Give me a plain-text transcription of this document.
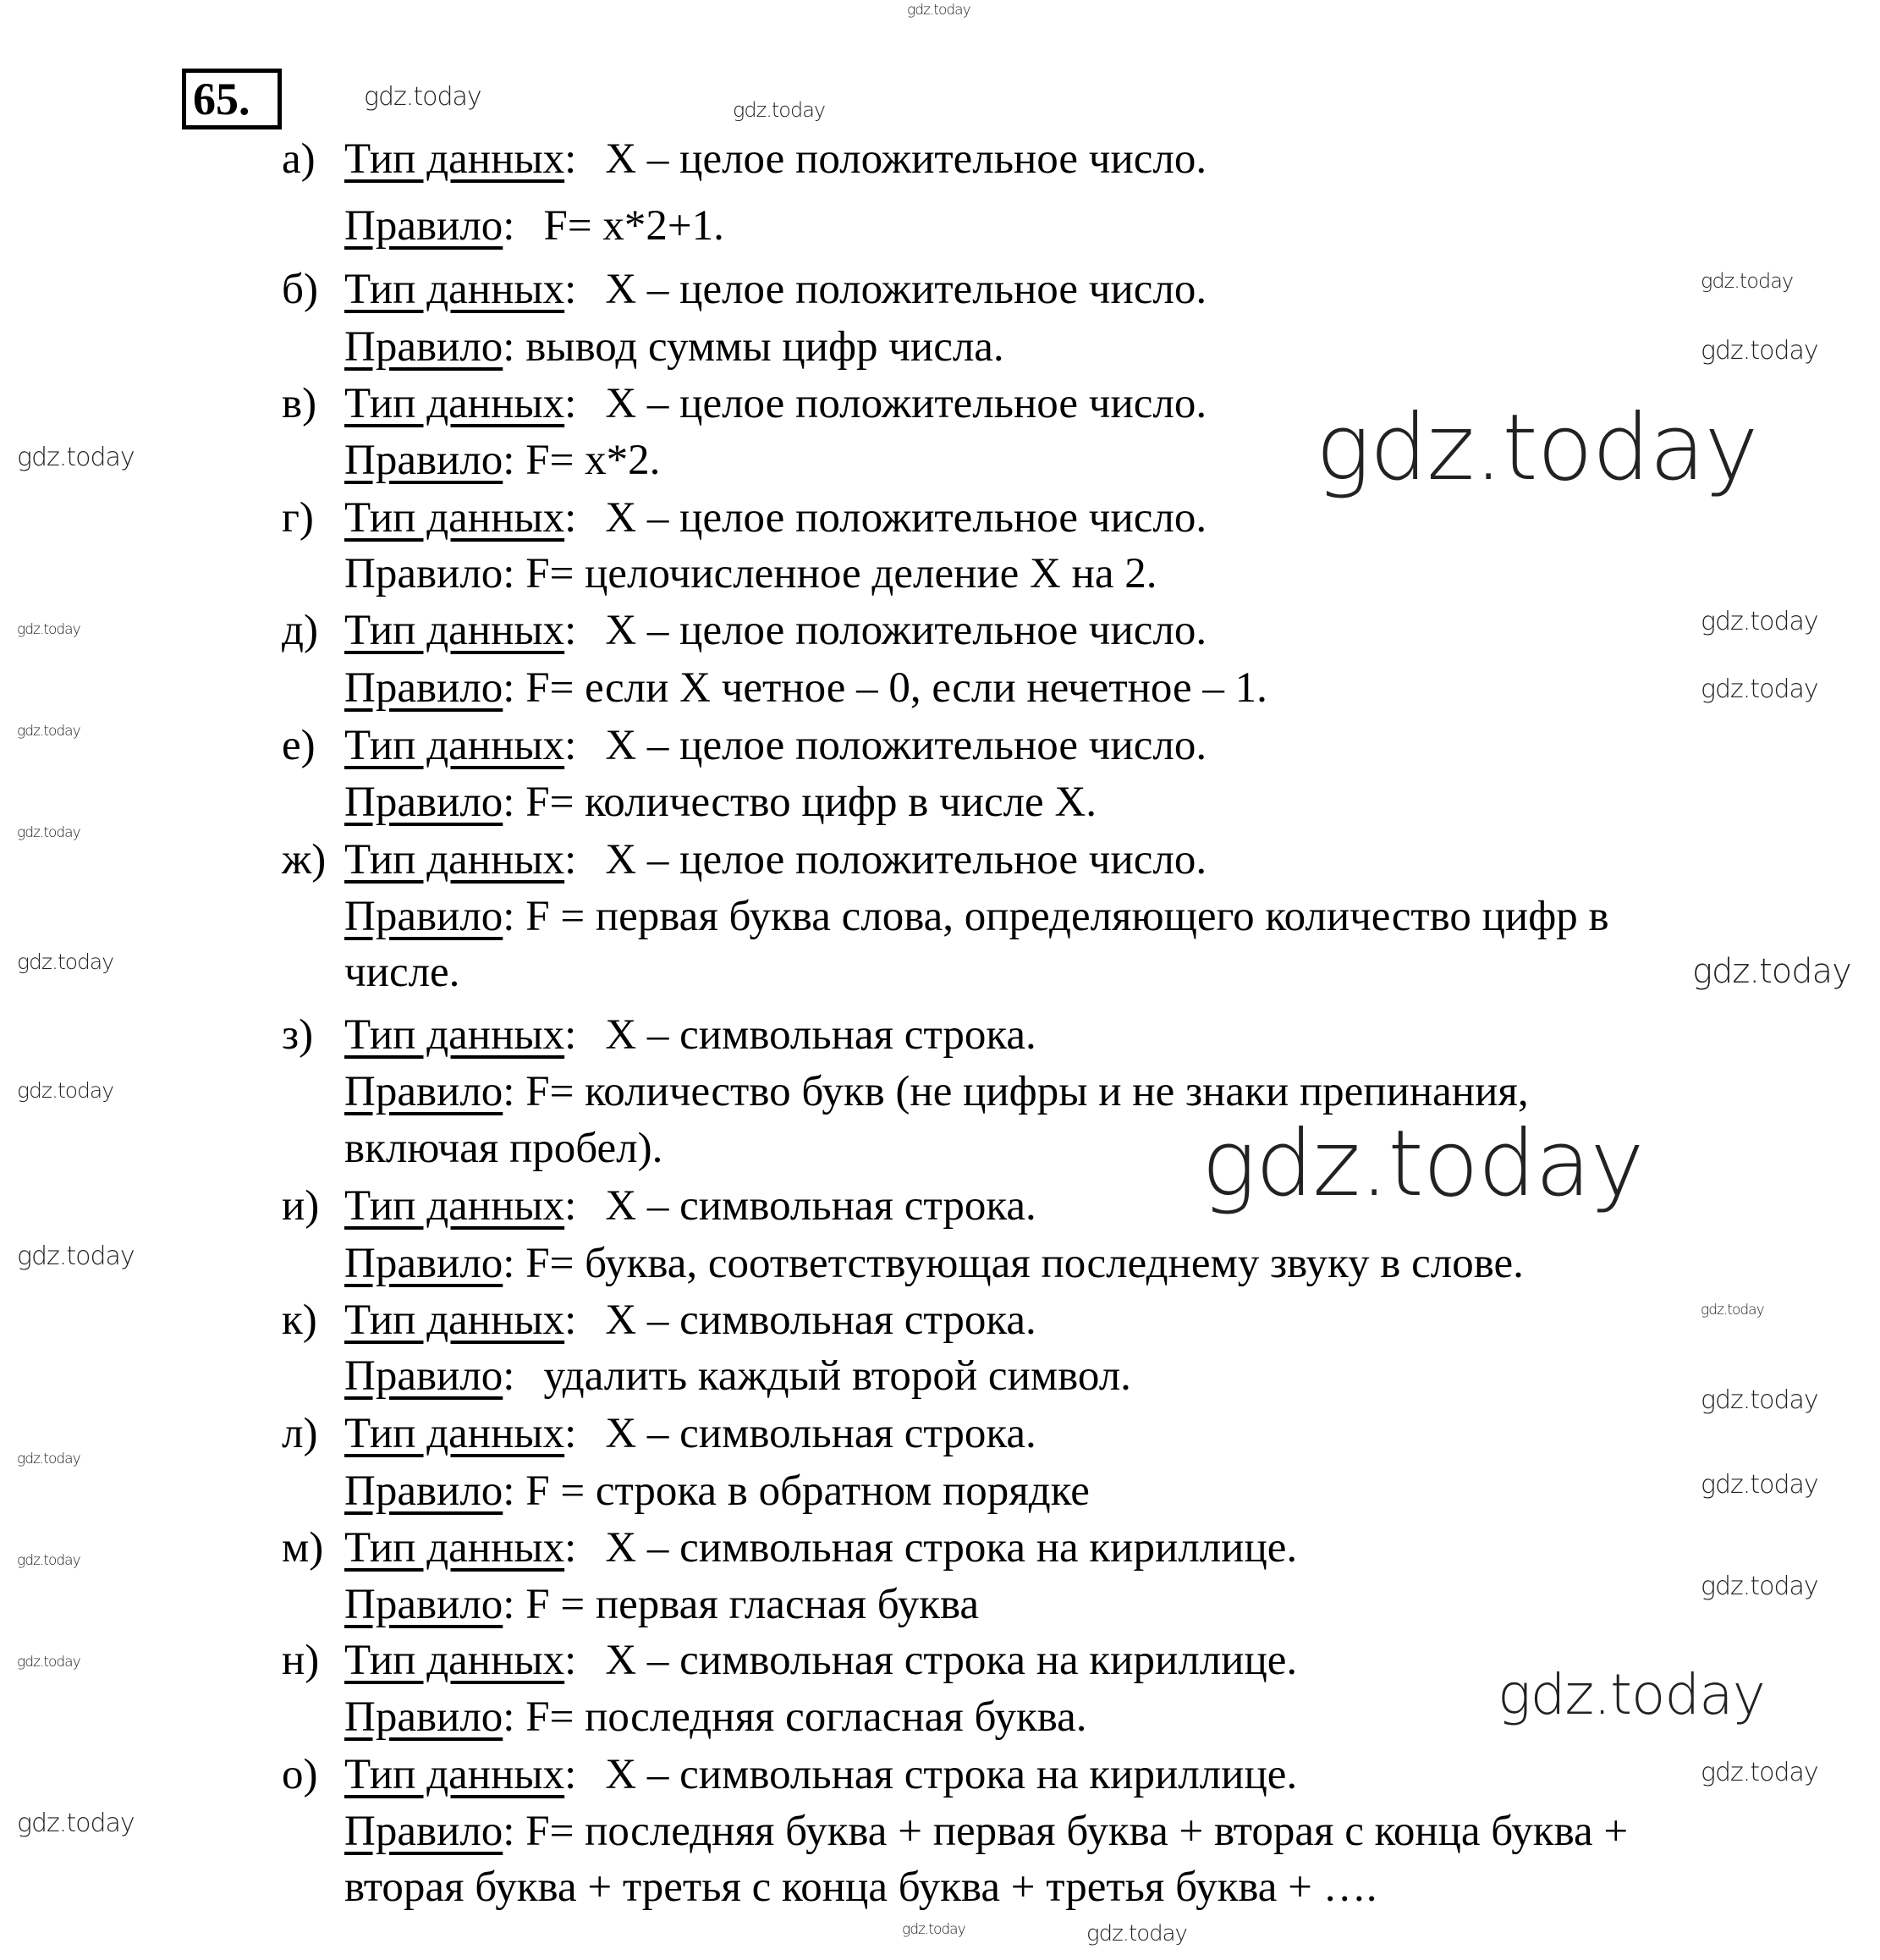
65.
а) Тип данных: X – целое положительное число.
Правило: F= x*2+1.
б) Тип данных: X – целое положительное число.
Правило: вывод суммы цифр числа.
в) Тип данных: X – целое положительное число.
Правило: F= x*2.
г) Тип данных: X – целое положительное число.
Правило: F= целочисленное деление X на 2.
д) Тип данных: X – целое положительное число.
Правило: F= если X четное – 0, если нечетное – 1.
е) Тип данных: X – целое положительное число.
Правило: F= количество цифр в числе X.
ж) Тип данных: X – целое положительное число.
Правило: F = первая буква слова, определяющего количество цифр в
числе.
з) Тип данных: X – символьная строка.
Правило: F= количество букв (не цифры и не знаки препинания,
включая пробел).
и) Тип данных: X – символьная строка.
Правило: F= буква, соответствующая последнему звуку в слове.
к) Тип данных: X – символьная строка.
Правило: удалить каждый второй символ.
л) Тип данных: X – символьная строка.
Правило: F = строка в обратном порядке
м) Тип данных: X – символьная строка на кириллице.
Правило: F = первая гласная буква
н) Тип данных: X – символьная строка на кириллице.
Правило: F= последняя согласная буква.
о) Тип данных: X – символьная строка на кириллице.
Правило: F= последняя буква + первая буква + вторая с конца буква +
вторая буква + третья с конца буква + третья буква + ….
gdz.today
gdz.today	gdz.today
gdz.today
gdz.today
gdz.today
gdz.today
gdz.today	gdz.today
gdz.today
gdz.today
gdz.today
gdz.today	gdz.today
gdz.today
gdz.today
gdz.today
gdz.today
gdz.today
gdz.today
gdz.today
gdz.today
gdz.today
gdz.today
gdz.today
gdz.today
gdz.today
gdz.today	gdz.today
